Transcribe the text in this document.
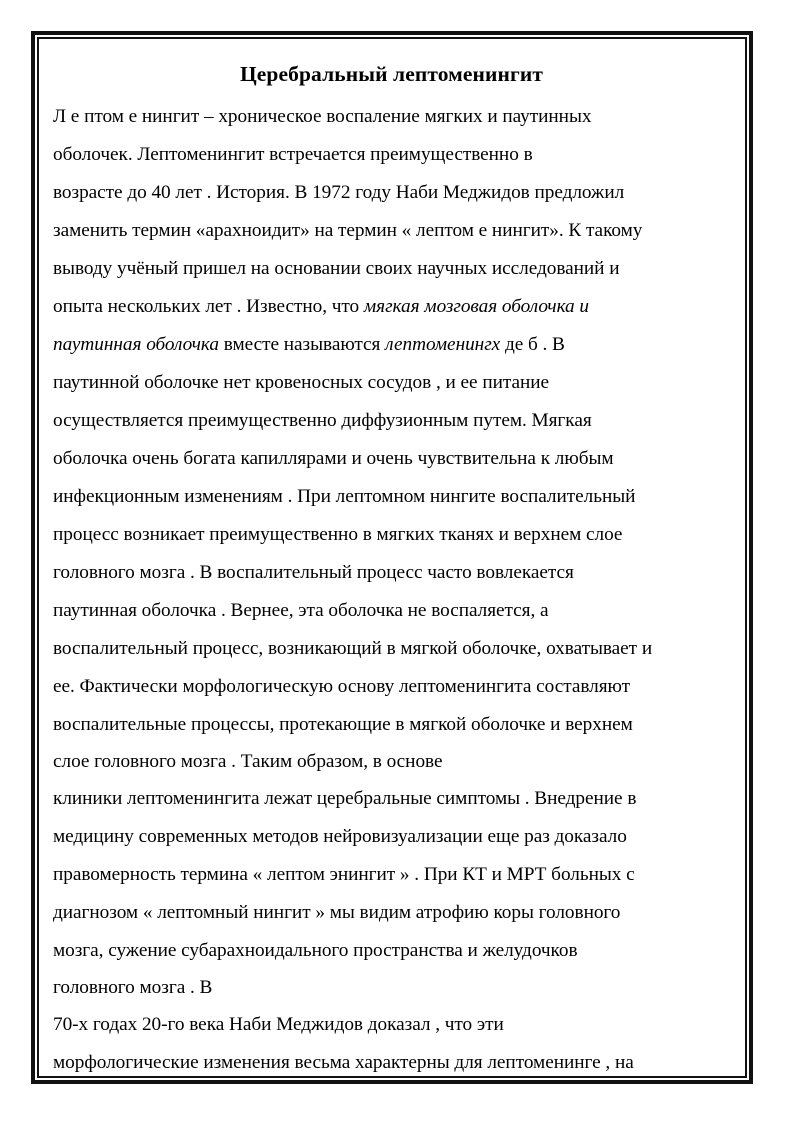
Церебральный лептоменингит
Л е птом е нингит – хроническое воспаление мягких и паутинных
оболочек. Лептоменингит встречается преимущественно в
возрасте до 40 лет . История. В 1972 году Наби Меджидов предложил
заменить термин «арахноидит» на термин « лептом е нингит». К такому
выводу учёный пришел на основании своих научных исследований и
опыта нескольких лет . Известно, что мягкая мозговая оболочка и
паутинная оболочка вместе называются лептоменингх де б . В
паутинной оболочке нет кровеносных сосудов , и ее питание
осуществляется преимущественно диффузионным путем. Мягкая
оболочка очень богата капиллярами и очень чувствительна к любым
инфекционным изменениям . При лептомном нингите воспалительный
процесс возникает преимущественно в мягких тканях и верхнем слое
головного мозга . В воспалительный процесс часто вовлекается
паутинная оболочка . Вернее, эта оболочка не воспаляется, а
воспалительный процесс, возникающий в мягкой оболочке, охватывает и
ее. Фактически морфологическую основу лептоменингита составляют
воспалительные процессы, протекающие в мягкой оболочке и верхнем
слое головного мозга . Таким образом, в основе
клиники лептоменингита лежат церебральные симптомы . Внедрение в
медицину современных методов нейровизуализации еще раз доказало
правомерность термина « лептом энингит » . При КТ и МРТ больных с
диагнозом « лептомный нингит » мы видим атрофию коры головного
мозга, сужение субарахноидального пространства и желудочков
головного мозга . В
70-х годах 20-го века Наби Меджидов доказал , что эти
морфологические изменения весьма характерны для лептоменинге , на
